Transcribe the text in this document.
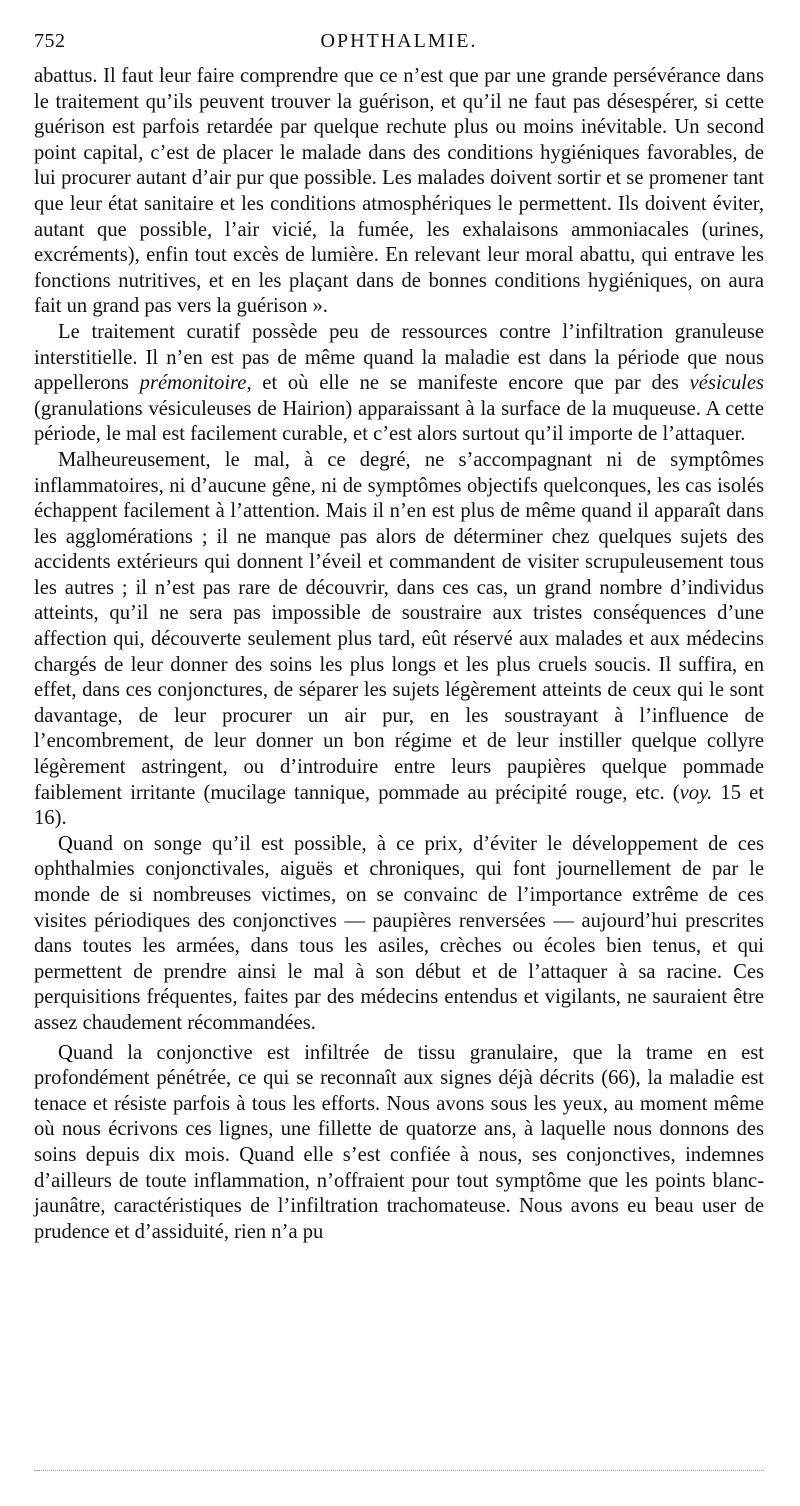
752	OPHTHALMIE.

abattus. Il faut leur faire comprendre que ce n’est que par une grande persévérance dans le traitement qu’ils peuvent trouver la guérison, et qu’il ne faut pas désespérer, si cette guérison est parfois retardée par quelque rechute plus ou moins inévitable. Un second point capital, c’est de placer le malade dans des conditions hygiéniques favorables, de lui procurer autant d’air pur que possible. Les malades doivent sortir et se promener tant que leur état sanitaire et les conditions atmosphériques le permettent. Ils doivent éviter, autant que possible, l’air vicié, la fumée, les exhalaisons ammoniacales (urines, excréments), enfin tout excès de lumière. En relevant leur moral abattu, qui entrave les fonctions nutritives, et en les plaçant dans de bonnes conditions hygiéniques, on aura fait un grand pas vers la guérison ».

Le traitement curatif possède peu de ressources contre l’infiltration granuleuse interstitielle. Il n’en est pas de même quand la maladie est dans la période que nous appellerons prémonitoire, et où elle ne se manifeste encore que par des vésicules (granulations vésiculeuses de Hairion) apparaissant à la surface de la muqueuse. A cette période, le mal est facilement curable, et c’est alors surtout qu’il importe de l’attaquer.

Malheureusement, le mal, à ce degré, ne s’accompagnant ni de symptômes inflammatoires, ni d’aucune gêne, ni de symptômes objectifs quelconques, les cas isolés échappent facilement à l’attention. Mais il n’en est plus de même quand il apparaît dans les agglomérations ; il ne manque pas alors de déterminer chez quelques sujets des accidents extérieurs qui donnent l’éveil et commandent de visiter scrupuleusement tous les autres ; il n’est pas rare de découvrir, dans ces cas, un grand nombre d’individus atteints, qu’il ne sera pas impossible de soustraire aux tristes conséquences d’une affection qui, découverte seulement plus tard, eût réservé aux malades et aux médecins chargés de leur donner des soins les plus longs et les plus cruels soucis. Il suffira, en effet, dans ces conjonctures, de séparer les sujets légèrement atteints de ceux qui le sont davantage, de leur procurer un air pur, en les soustrayant à l’influence de l’encombrement, de leur donner un bon régime et de leur instiller quelque collyre légèrement astringent, ou d’introduire entre leurs paupières quelque pommade faiblement irritante (mucilage tannique, pommade au précipité rouge, etc. (voy. 15 et 16).

Quand on songe qu’il est possible, à ce prix, d’éviter le développement de ces ophthalmies conjonctivales, aiguës et chroniques, qui font journellement de par le monde de si nombreuses victimes, on se convainc de l’importance extrême de ces visites périodiques des conjonctives — paupières renversées — aujourd’hui prescrites dans toutes les armées, dans tous les asiles, crèches ou écoles bien tenus, et qui permettent de prendre ainsi le mal à son début et de l’attaquer à sa racine. Ces perquisitions fréquentes, faites par des médecins entendus et vigilants, ne sauraient être assez chaudement récommandées.

Quand la conjonctive est infiltrée de tissu granulaire, que la trame en est profondément pénétrée, ce qui se reconnaît aux signes déjà décrits (66), la maladie est tenace et résiste parfois à tous les efforts. Nous avons sous les yeux, au moment même où nous écrivons ces lignes, une fillette de quatorze ans, à laquelle nous donnons des soins depuis dix mois. Quand elle s’est confiée à nous, ses conjonctives, indemnes d’ailleurs de toute inflammation, n’offraient pour tout symptôme que les points blanc-jaunâtre, caractéristiques de l’infiltration trachomateuse. Nous avons eu beau user de prudence et d’assiduité, rien n’a pu
